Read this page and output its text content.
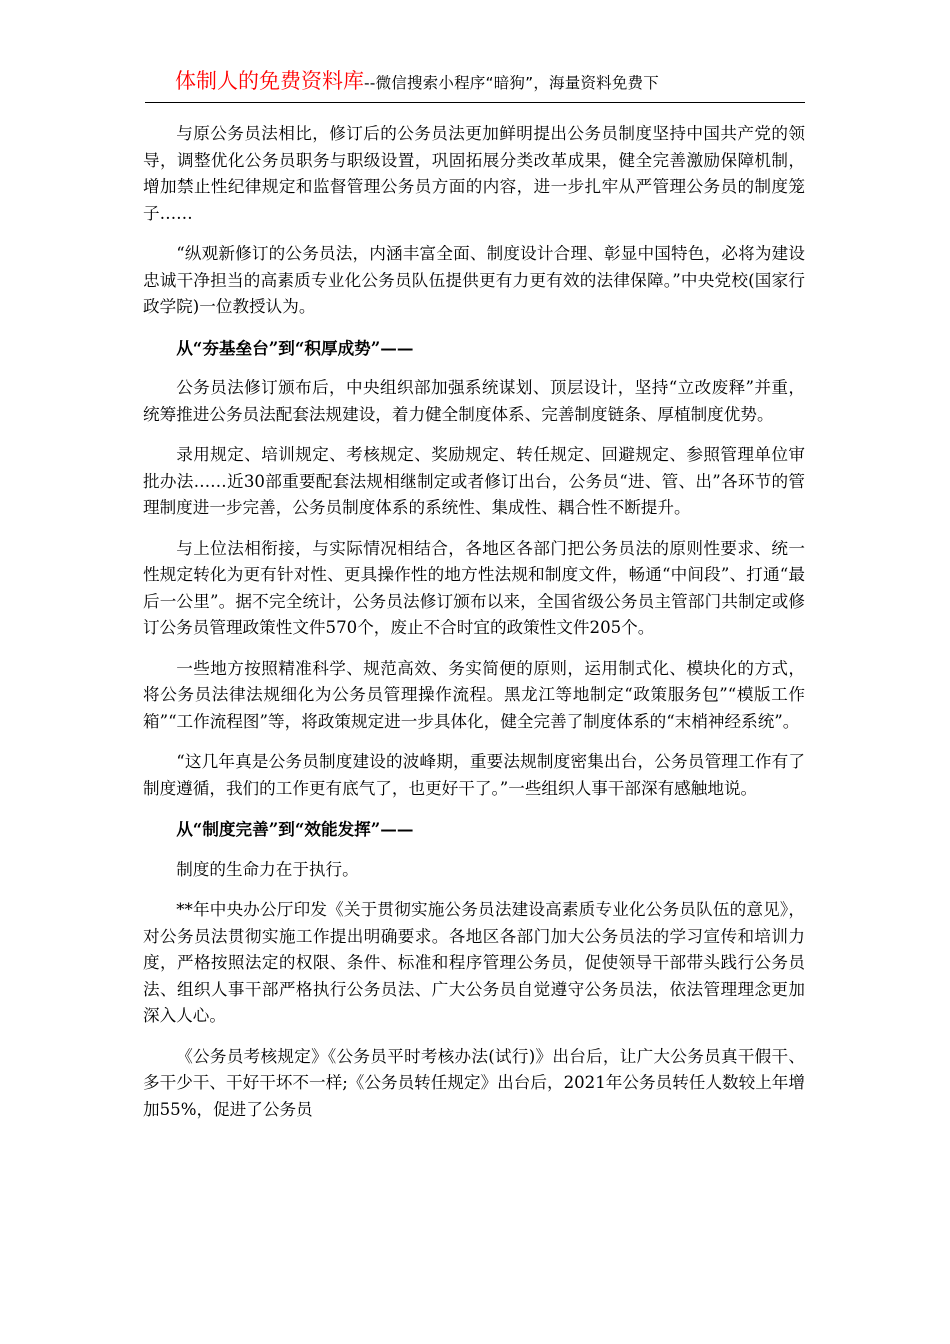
体制人的免费资料库--微信搜索小程序“暗狗”，海量资料免费下

与原公务员法相比，修订后的公务员法更加鲜明提出公务员制度坚持中国共产党的领导，调整优化公务员职务与职级设置，巩固拓展分类改革成果，健全完善激励保障机制，增加禁止性纪律规定和监督管理公务员方面的内容，进一步扎牢从严管理公务员的制度笼子……

“纵观新修订的公务员法，内涵丰富全面、制度设计合理、彰显中国特色，必将为建设忠诚干净担当的高素质专业化公务员队伍提供更有力更有效的法律保障。”中央党校(国家行政学院)一位教授认为。

从“夯基垒台”到“积厚成势”——

公务员法修订颁布后，中央组织部加强系统谋划、顶层设计，坚持“立改废释”并重，统筹推进公务员法配套法规建设，着力健全制度体系、完善制度链条、厚植制度优势。

录用规定、培训规定、考核规定、奖励规定、转任规定、回避规定、参照管理单位审批办法……近30部重要配套法规相继制定或者修订出台，公务员“进、管、出”各环节的管理制度进一步完善，公务员制度体系的系统性、集成性、耦合性不断提升。

与上位法相衔接，与实际情况相结合，各地区各部门把公务员法的原则性要求、统一性规定转化为更有针对性、更具操作性的地方性法规和制度文件，畅通“中间段”、打通“最后一公里”。据不完全统计，公务员法修订颁布以来，全国省级公务员主管部门共制定或修订公务员管理政策性文件570个，废止不合时宜的政策性文件205个。

一些地方按照精准科学、规范高效、务实简便的原则，运用制式化、模块化的方式，将公务员法律法规细化为公务员管理操作流程。黑龙江等地制定“政策服务包”“模版工作箱”“工作流程图”等，将政策规定进一步具体化，健全完善了制度体系的“末梢神经系统”。

“这几年真是公务员制度建设的波峰期，重要法规制度密集出台，公务员管理工作有了制度遵循，我们的工作更有底气了，也更好干了。”一些组织人事干部深有感触地说。

从“制度完善”到“效能发挥”——

制度的生命力在于执行。

**年中央办公厅印发《关于贯彻实施公务员法建设高素质专业化公务员队伍的意见》，对公务员法贯彻实施工作提出明确要求。各地区各部门加大公务员法的学习宣传和培训力度，严格按照法定的权限、条件、标准和程序管理公务员，促使领导干部带头践行公务员法、组织人事干部严格执行公务员法、广大公务员自觉遵守公务员法，依法管理理念更加深入人心。

《公务员考核规定》《公务员平时考核办法(试行)》出台后，让广大公务员真干假干、多干少干、干好干坏不一样;《公务员转任规定》出台后，2021年公务员转任人数较上年增加55%，促进了公务员
